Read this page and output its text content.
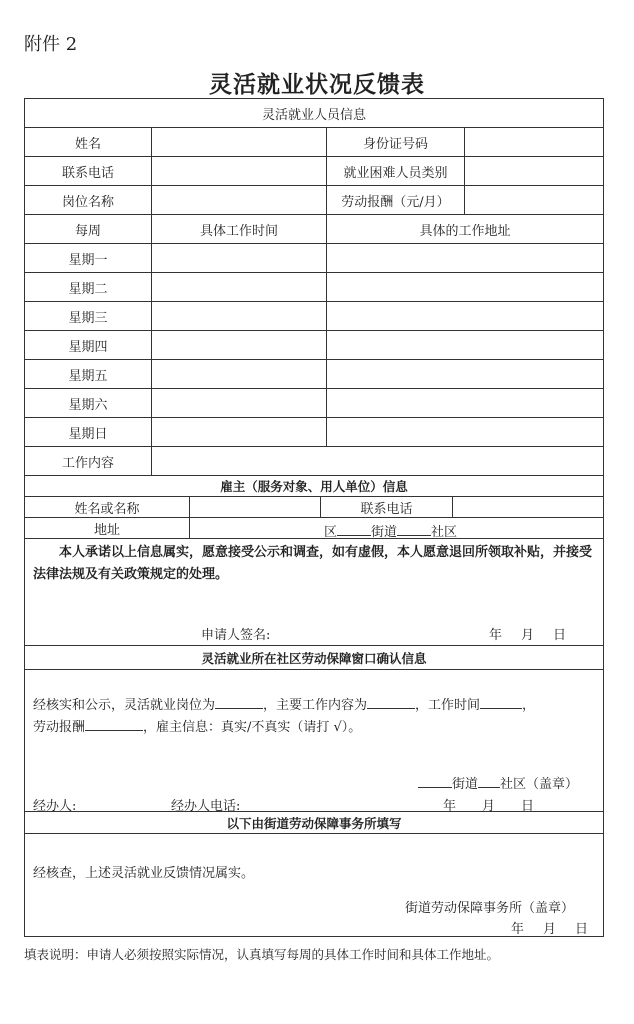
附件 2
灵活就业状况反馈表
灵活就业人员信息
姓名	身份证号码
联系电话	就业困难人员类别
岗位名称	劳动报酬（元/月）
每周	具体工作时间	具体的工作地址
星期一
星期二
星期三
星期四
星期五
星期六
星期日
工作内容
雇主（服务对象、用人单位）信息
姓名或名称	联系电话
地址	区	街道	社区
本人承诺以上信息属实，愿意接受公示和调查，如有虚假，本人愿意退回所领取补贴，并接受法律法规及有关政策规定的处理。
申请人签名:	年　月　日
灵活就业所在社区劳动保障窗口确认信息
经核实和公示，灵活就业岗位为	，主要工作内容为	，工作时间	，
劳动报酬	，雇主信息：真实/不真实（请打 √）。
街道 社区（盖章）
经办人:	经办人电话:	年　　月　　日
以下由街道劳动保障事务所填写
经核查，上述灵活就业反馈情况属实。
街道劳动保障事务所（盖章）
年　月　日
填表说明：申请人必须按照实际情况，认真填写每周的具体工作时间和具体工作地址。
